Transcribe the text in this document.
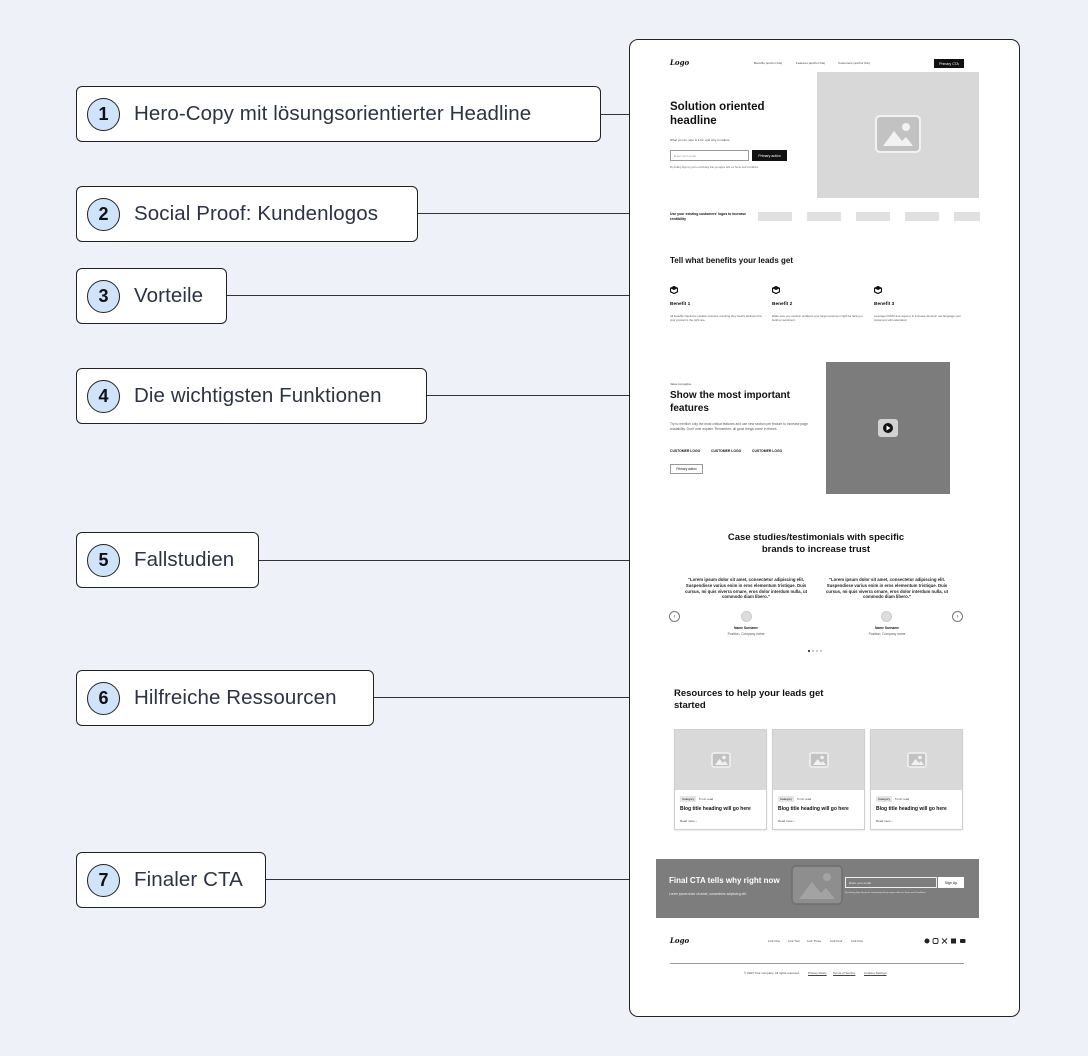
1	Hero-Copy mit lösungsorientierter Headline
2	Social Proof: Kundenlogos
3	Vorteile
4	Die wichtigsten Funktionen
5	Fallstudien
6	Hilfreiche Ressourcen
7	Finaler CTA
Logo	Benefits (anchor link)	Features (anchor link)	Customers (anchor link)	Primary CTA
Solution oriented headline
What you do, who is it for, and why it matters
Enter your email	Primary action
By clicking Sign Up you're confirming that you agree with our Terms and Conditions.
Use your existing customers' logos to increase credibility
Tell what benefits your leads get
Benefit 1
All benefits should be solution oriented, ensuring they clearly address how your product is the right one.
Benefit 2
Make sure you mention problems your target customer might be facing to build up sentiment.
Benefit 3
Leverage FOMO and urgency to increase demand; use language your customers will understand.
Value tat tagline
Show the most important features
Try to mention only the most critical features and use new section per feature to increase page readability. Don't over explain. Remember, all good things come in threes.
CUSTOMER LOGO	CUSTOMER LOGO	CUSTOMER LOGO
Primary action
Case studies/testimonials with specific brands to increase trust
‹	›
"Lorem ipsum dolor sit amet, consectetur adipiscing elit. Suspendisse varius enim in eros elementum tristique. Duis cursus, mi quis viverra ornare, eros dolor interdum nulla, ut commodo diam libero."
Name Surname
Position, Company name
"Lorem ipsum dolor sit amet, consectetur adipiscing elit. Suspendisse varius enim in eros elementum tristique. Duis cursus, mi quis viverra ornare, eros dolor interdum nulla, ut commodo diam libero."
Name Surname
Position, Company name
Resources to help your leads get started
Category	5 min read
Blog title heading will go here
Read more ›
Category	5 min read
Blog title heading will go here
Read more ›
Category	5 min read
Blog title heading will go here
Read more ›
Final CTA tells why right now
Lorem ipsum dolor sit amet, consectetur adipiscing elit.
Enter your email	Sign Up
By clicking Sign Up you're confirming that you agree with our Terms and Conditions.
Logo	Link One	Link Two Link Three	Link Four	Link Five
© 2024 Your company. All rights reserved.	Privacy Policy Terms of Service	Cookies Settings
